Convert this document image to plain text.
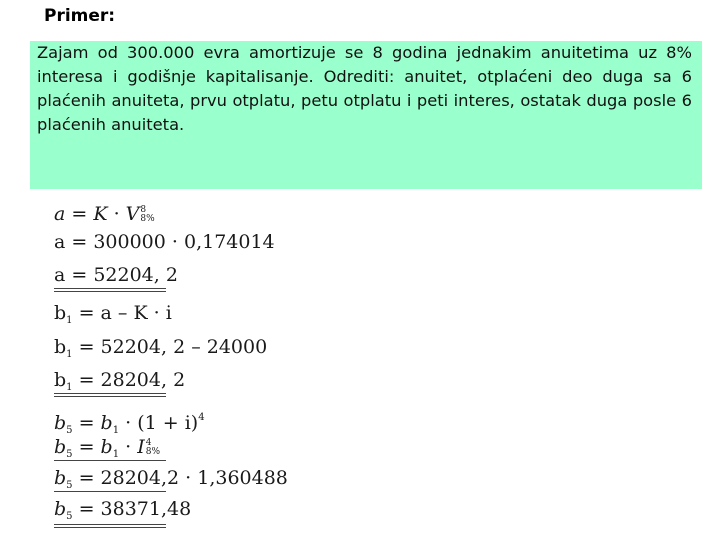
Primer:

Zajam od 300.000 evra amortizuje se 8 godina jednakim anuitetima uz 8% interesa i godišnje kapitalisanje. Odrediti: anuitet, otplaćeni deo duga sa 6 plaćenih anuiteta, prvu otplatu, petu otplatu i peti interes, ostatak duga posle 6 plaćenih anuiteta.

a = K · V 8
8%
a = 300000 · 0,174014
a = 52204, 2
$b_1 = a - K \cdot i$
$b_1 = 52204$, 2 – 24000
$b_1 = 28204$, 2
$b_5 = b_1 \cdot (1 + i)^4$
$b_5 = b_1 \cdot I$ 4
8%
$b_5 = 28204,2 \cdot 1,360488$
$b_5 = 38371,48$
